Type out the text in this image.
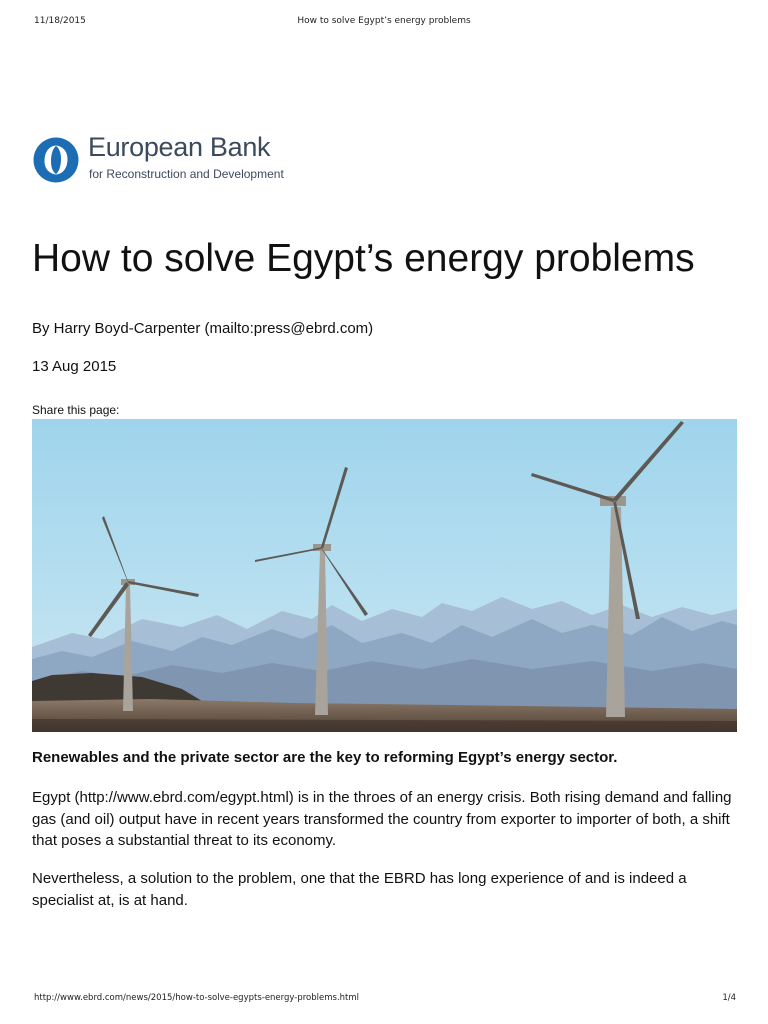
11/18/2015	How to solve Egypt’s energy problems
European Bank
for Reconstruction and Development
How to solve Egypt’s energy problems
By Harry Boyd-Carpenter (mailto:press@ebrd.com)
13 Aug 2015
Share this page:

Renewables and the private sector are the key to reforming Egypt’s energy sector.

Egypt (http://www.ebrd.com/egypt.html) is in the throes of an energy crisis. Both rising demand and falling gas (and oil) output have in recent years transformed the country from exporter to importer of both, a shift that poses a substantial threat to its economy.

Nevertheless, a solution to the problem, one that the EBRD has long experience of and is indeed a specialist at, is at hand.

http://www.ebrd.com/news/2015/how-to-solve-egypts-energy-problems.html	1/4
